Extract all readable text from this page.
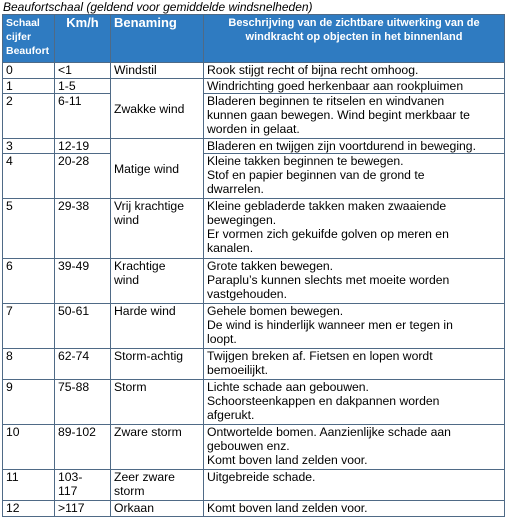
Beaufortschaal (geldend voor gemiddelde windsnelheden)
Schaal
cijfer
Beaufort	Km/h	Benaming	Beschrijving van de zichtbare uitwerking van de
windkracht op objecten in het binnenland

0	<1	Windstil	Rook stijgt recht of bijna recht omhoog.

1	1-5	Zwakke wind	Windrichting goed herkenbaar aan rookpluimen

2	6-11		Bladeren beginnen te ritselen en windvanen
kunnen gaan bewegen. Wind begint merkbaar te
worden in gelaat.

3	12-19	Matige wind	Bladeren en twijgen zijn voortdurend in beweging.

4	20-28		Kleine takken beginnen te bewegen.
Stof en papier beginnen van de grond te
dwarrelen.

5	29-38	Vrij krachtige
wind	Kleine gebladerde takken maken zwaaiende
bewegingen.
Er vormen zich gekuifde golven op meren en
kanalen.

6	39-49	Krachtige
wind	Grote takken bewegen.
Paraplu’s kunnen slechts met moeite worden
vastgehouden.

7	50-61	Harde wind	Gehele bomen bewegen.
De wind is hinderlijk wanneer men er tegen in
loopt.

8	62-74	Storm-achtig	Twijgen breken af. Fietsen en lopen wordt
bemoeilijkt.

9	75-88	Storm	Lichte schade aan gebouwen.
Schoorsteenkappen en dakpannen worden
afgerukt.

10	89-102	Zware storm	Ontwortelde bomen. Aanzienlijke schade aan
gebouwen enz.
Komt boven land zelden voor.

11	103-
117	Zeer zware
storm	Uitgebreide schade.

12	>117	Orkaan	Komt boven land zelden voor.
